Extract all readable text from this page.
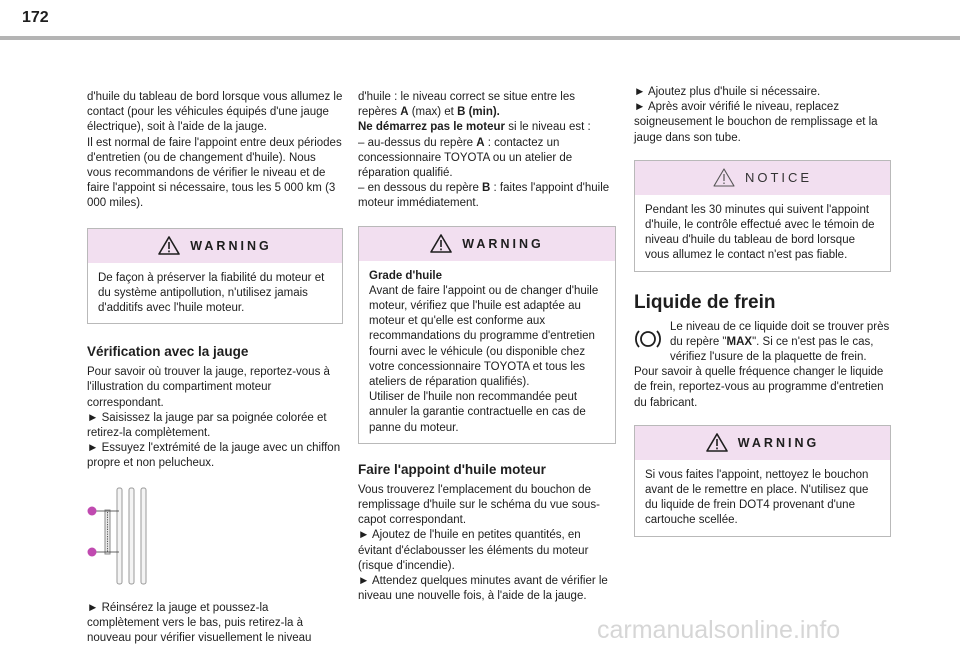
172

d'huile du tableau de bord lorsque vous allumez le contact (pour les véhicules équipés d'une jauge électrique), soit à l'aide de la jauge.

Il est normal de faire l'appoint entre deux périodes d'entretien (ou de changement d'huile). Nous vous recommandons de vérifier le niveau et de faire l'appoint si nécessaire, tous les 5 000 km (3 000 miles).

WARNING
De façon à préserver la fiabilité du moteur et du système antipollution, n'utilisez jamais d'additifs avec l'huile moteur.
Vérification avec la jauge

Pour savoir où trouver la jauge, reportez-vous à l'illustration du compartiment moteur correspondant.

► Saisissez la jauge par sa poignée colorée et retirez-la complètement.

► Essuyez l'extrémité de la jauge avec un chiffon propre et non pelucheux.

► Réinsérez la jauge et poussez-la complètement vers le bas, puis retirez-la à nouveau pour vérifier visuellement le niveau

A
B

d'huile : le niveau correct se situe entre les repères A (max) et B (min).

Ne démarrez pas le moteur si le niveau est :

– au-dessus du repère A : contactez un concessionnaire TOYOTA ou un atelier de réparation qualifié.

– en dessous du repère B : faites l'appoint d'huile moteur immédiatement.

WARNING
Grade d'huile
Avant de faire l'appoint ou de changer d'huile moteur, vérifiez que l'huile est adaptée au moteur et qu'elle est conforme aux recommandations du programme d'entretien fourni avec le véhicule (ou disponible chez votre concessionnaire TOYOTA et tous les ateliers de réparation qualifiés).
Utiliser de l'huile non recommandée peut annuler la garantie contractuelle en cas de panne du moteur.
Faire l'appoint d'huile moteur

Vous trouverez l'emplacement du bouchon de remplissage d'huile sur le schéma du vue sous-capot correspondant.

► Ajoutez de l'huile en petites quantités, en évitant d'éclabousser les éléments du moteur (risque d'incendie).

► Attendez quelques minutes avant de vérifier le niveau une nouvelle fois, à l'aide de la jauge.

► Ajoutez plus d'huile si nécessaire.

► Après avoir vérifié le niveau, replacez soigneusement le bouchon de remplissage et la jauge dans son tube.

NOTICE
Pendant les 30 minutes qui suivent l'appoint d'huile, le contrôle effectué avec le témoin de niveau d'huile du tableau de bord lorsque vous allumez le contact n'est pas fiable.
Liquide de frein

Le niveau de ce liquide doit se trouver près du repère "MAX". Si ce n'est pas le cas, vérifiez l'usure de la plaquette de frein.

Pour savoir à quelle fréquence changer le liquide de frein, reportez-vous au programme d'entretien du fabricant.

WARNING
Si vous faites l'appoint, nettoyez le bouchon avant de le remettre en place. N'utilisez que du liquide de frein DOT4 provenant d'une cartouche scellée.
carmanualsonline.info
